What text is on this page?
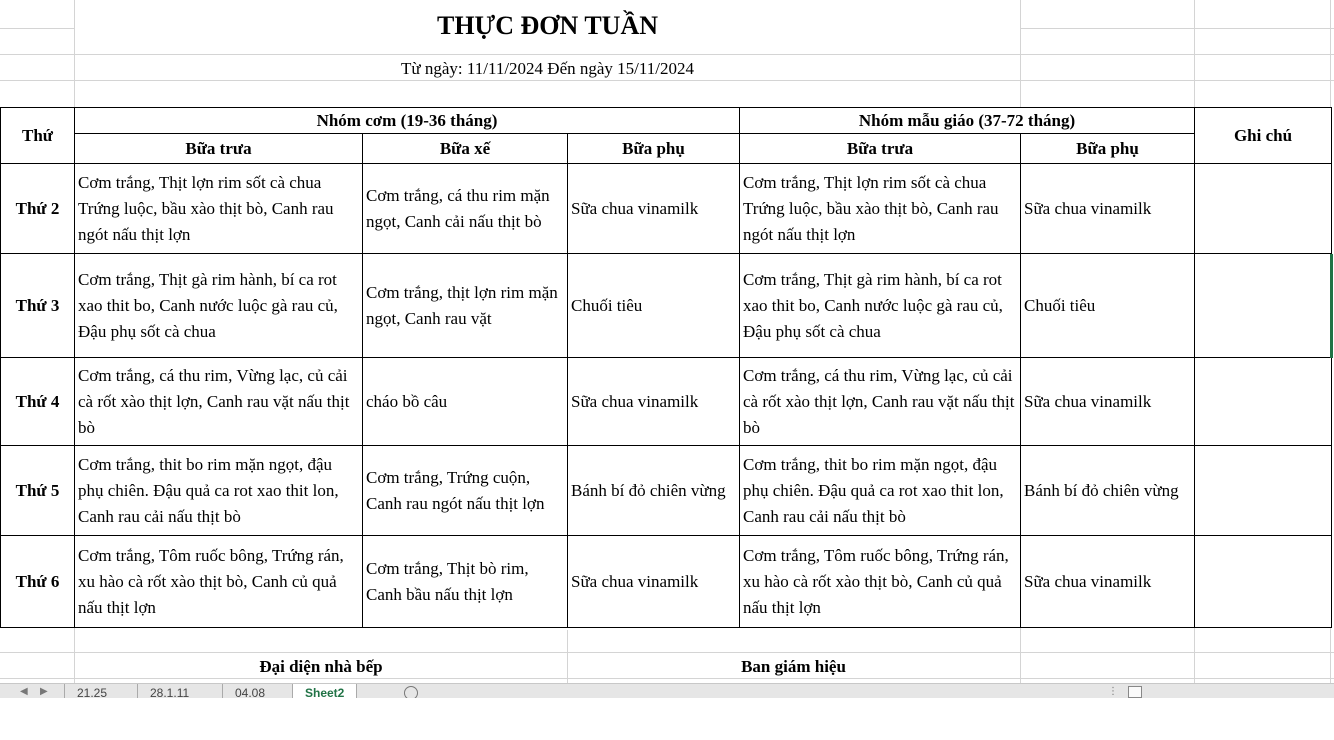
THỰC ĐƠN TUẦN
Từ ngày: 11/11/2024 Đến ngày 15/11/2024
Thứ	Nhóm cơm (19-36 tháng)			Nhóm mẫu giáo (37-72 tháng)		Ghi chú
	Bữa trưa	Bữa xế	Bữa phụ	Bữa trưa	Bữa phụ	
Thứ 2	Cơm trắng, Thịt lợn rim sốt cà chua Trứng luộc, bầu xào thịt bò, Canh rau ngót nấu thịt lợn	Cơm trắng, cá thu rim mặn ngọt, Canh cải nấu thịt bò	Sữa chua vinamilk	Cơm trắng, Thịt lợn rim sốt cà chua Trứng luộc, bầu xào thịt bò, Canh rau ngót nấu thịt lợn	Sữa chua vinamilk	
Thứ 3	Cơm trắng, Thịt gà rim hành, bí ca rot xao thit bo, Canh nước luộc gà rau củ, Đậu phụ sốt cà chua	Cơm trắng, thịt lợn rim mặn ngọt, Canh rau vặt	Chuối tiêu	Cơm trắng, Thịt gà rim hành, bí ca rot xao thit bo, Canh nước luộc gà rau củ, Đậu phụ sốt cà chua	Chuối tiêu	
Thứ 4	Cơm trắng, cá thu rim, Vừng lạc, củ cải cà rốt xào thịt lợn, Canh rau vặt nấu thịt bò	cháo bồ câu	Sữa chua vinamilk	Cơm trắng, cá thu rim, Vừng lạc, củ cải cà rốt xào thịt lợn, Canh rau vặt nấu thịt bò	Sữa chua vinamilk	
Thứ 5	Cơm trắng, thit bo rim mặn ngọt, đậu phụ chiên. Đậu quả ca rot xao thit lon, Canh rau cải nấu thịt bò	Cơm trắng, Trứng cuộn, Canh rau ngót nấu thịt lợn	Bánh bí đỏ chiên vừng	Cơm trắng, thit bo rim mặn ngọt, đậu phụ chiên. Đậu quả ca rot xao thit lon, Canh rau cải nấu thịt bò	Bánh bí đỏ chiên vừng	
Thứ 6	Cơm trắng, Tôm ruốc bông, Trứng rán, xu hào cà rốt xào thịt bò, Canh củ quả nấu thịt lợn	Cơm trắng, Thịt bò rim, Canh bầu nấu thịt lợn	Sữa chua vinamilk	Cơm trắng, Tôm ruốc bông, Trứng rán, xu hào cà rốt xào thịt bò, Canh củ quả nấu thịt lợn	Sữa chua vinamilk	
Đại diện nhà bếp	Ban giám hiệu
◀ ▶	21.25	28.1.11	04.08	Sheet2	⋮
